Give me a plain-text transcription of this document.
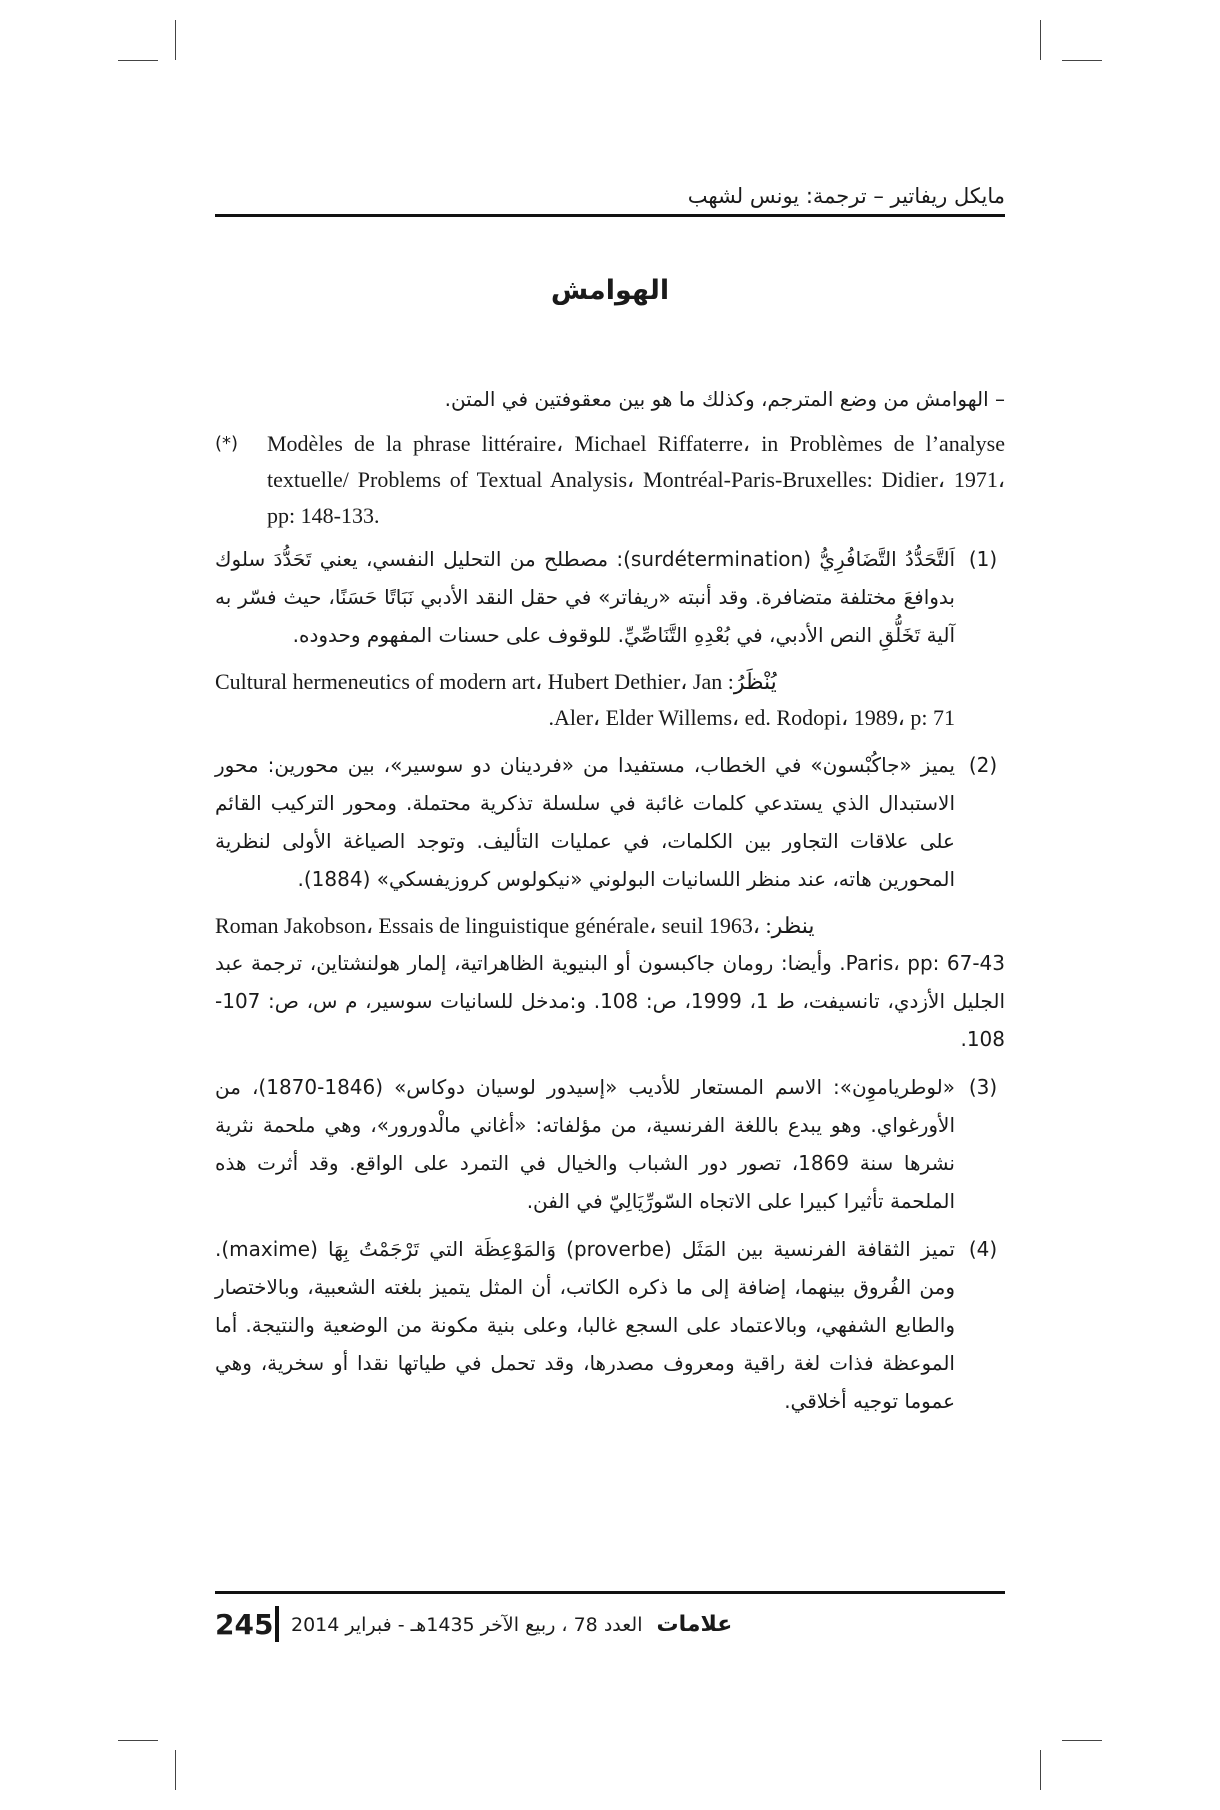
مايكل ريفاتير – ترجمة: يونس لشهب
الهوامش

– الهوامش من وضع المترجم، وكذلك ما هو بين معقوفتين في المتن.

(*)	Modèles de la phrase littéraire، Michael Riffaterre، in Problèmes de l’analyse textuelle/ Problems of Textual Analysis، Montréal-Paris-Bruxelles: Didier، 1971، pp: 148-133.

(1)

اَلتَّحَدُّدُ التَّضَافُرِيُّ (surdétermination): مصطلح من التحليل النفسي، يعني تَحَدُّدَ سلوك بدوافعَ مختلفة متضافرة. وقد أنبته «ريفاتر» في حقل النقد الأدبي نَبَاتًا حَسَنًا، حيث فسّر به آلية تَخَلُّقِ النص الأدبي، في بُعْدِهِ التَّنَاصِّيِّ. للوقوف على حسنات المفهوم وحدوده.

Cultural hermeneutics of modern art، Hubert Dethier، Jan :يُنْظَرُ

.Aler، Elder Willems، ed. Rodopi، 1989، p: 71

(2)

يميز «جاكُبْسون» في الخطاب، مستفيدا من «فردينان دو سوسير»، بين محورين: محور الاستبدال الذي يستدعي كلمات غائبة في سلسلة تذكرية محتملة. ومحور التركيب القائم على علاقات التجاور بين الكلمات، في عمليات التأليف. وتوجد الصياغة الأولى لنظرية المحورين هاته، عند منظر اللسانيات البولوني «نيكولوس كروزيفسكي» (1884).

Roman Jakobson، Essais de linguistique générale، seuil 1963، :ينظر

Paris، pp: 67-43. وأيضا: رومان جاكبسون أو البنيوية الظاهراتية، إلمار هولنشتاين، ترجمة عبد الجليل الأزدي، تانسيفت، ط 1، 1999، ص: 108. و:مدخل للسانيات سوسير، م س، ص: 107-108.

(3)

«لوطرياموِن»: الاسم المستعار للأديب «إسيدور لوسيان دوكاس» (1846-1870)، من الأورغواي. وهو يبدع باللغة الفرنسية، من مؤلفاته: «أغاني مالْدورور»، وهي ملحمة نثرية نشرها سنة 1869، تصور دور الشباب والخيال في التمرد على الواقع. وقد أثرت هذه الملحمة تأثيرا كبيرا على الاتجاه السّورِّيَالِيّ في الفن.

(4)

تميز الثقافة الفرنسية بين المَثَل (proverbe) وَالمَوْعِظَة التي تَرْجَمْتُ بِهَا (maxime). ومن الفُروق بينهما، إضافة إلى ما ذكره الكاتب، أن المثل يتميز بلغته الشعبية، وبالاختصار والطابع الشفهي، وبالاعتماد على السجع غالبا، وعلى بنية مكونة من الوضعية والنتيجة. أما الموعظة فذات لغة راقية ومعروف مصدرها، وقد تحمل في طياتها نقدا أو سخرية، وهي عموما توجيه أخلاقي.

245	علامات العدد 78 ، ربيع الآخر 1435هـ - فبراير 2014
